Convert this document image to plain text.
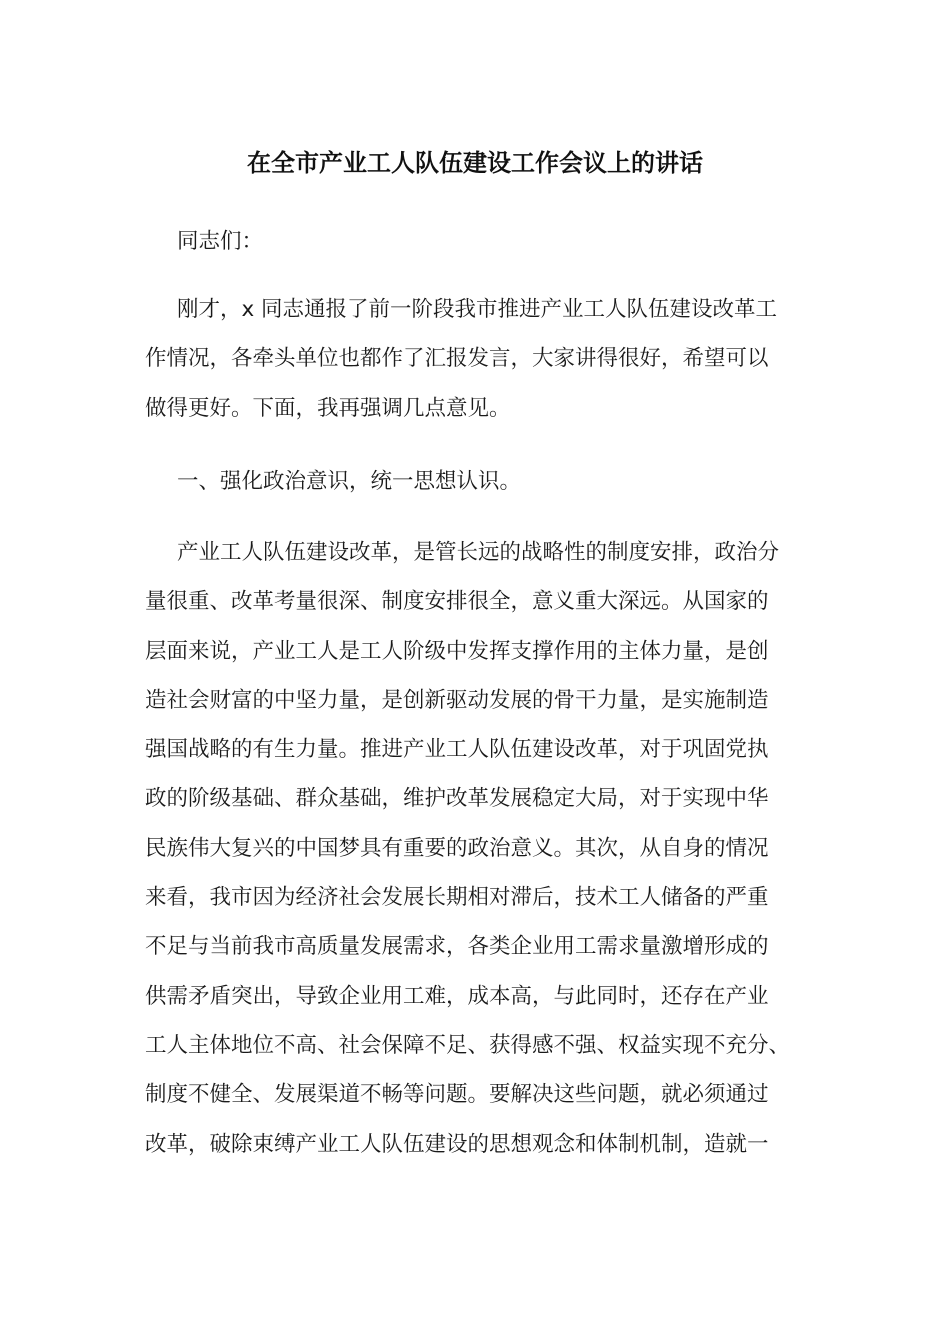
在全市产业工人队伍建设工作会议上的讲话
同志们：
刚才，x 同志通报了前一阶段我市推进产业工人队伍建设改革工
作情况，各牵头单位也都作了汇报发言，大家讲得很好，希望可以
做得更好。下面，我再强调几点意见。
一、强化政治意识，统一思想认识。
产业工人队伍建设改革，是管长远的战略性的制度安排，政治分
量很重、改革考量很深、制度安排很全，意义重大深远。从国家的
层面来说，产业工人是工人阶级中发挥支撑作用的主体力量，是创
造社会财富的中坚力量，是创新驱动发展的骨干力量，是实施制造
强国战略的有生力量。推进产业工人队伍建设改革，对于巩固党执
政的阶级基础、群众基础，维护改革发展稳定大局，对于实现中华
民族伟大复兴的中国梦具有重要的政治意义。其次，从自身的情况
来看，我市因为经济社会发展长期相对滞后，技术工人储备的严重
不足与当前我市高质量发展需求，各类企业用工需求量激增形成的
供需矛盾突出，导致企业用工难，成本高，与此同时，还存在产业
工人主体地位不高、社会保障不足、获得感不强、权益实现不充分、
制度不健全、发展渠道不畅等问题。要解决这些问题，就必须通过
改革，破除束缚产业工人队伍建设的思想观念和体制机制，造就一
